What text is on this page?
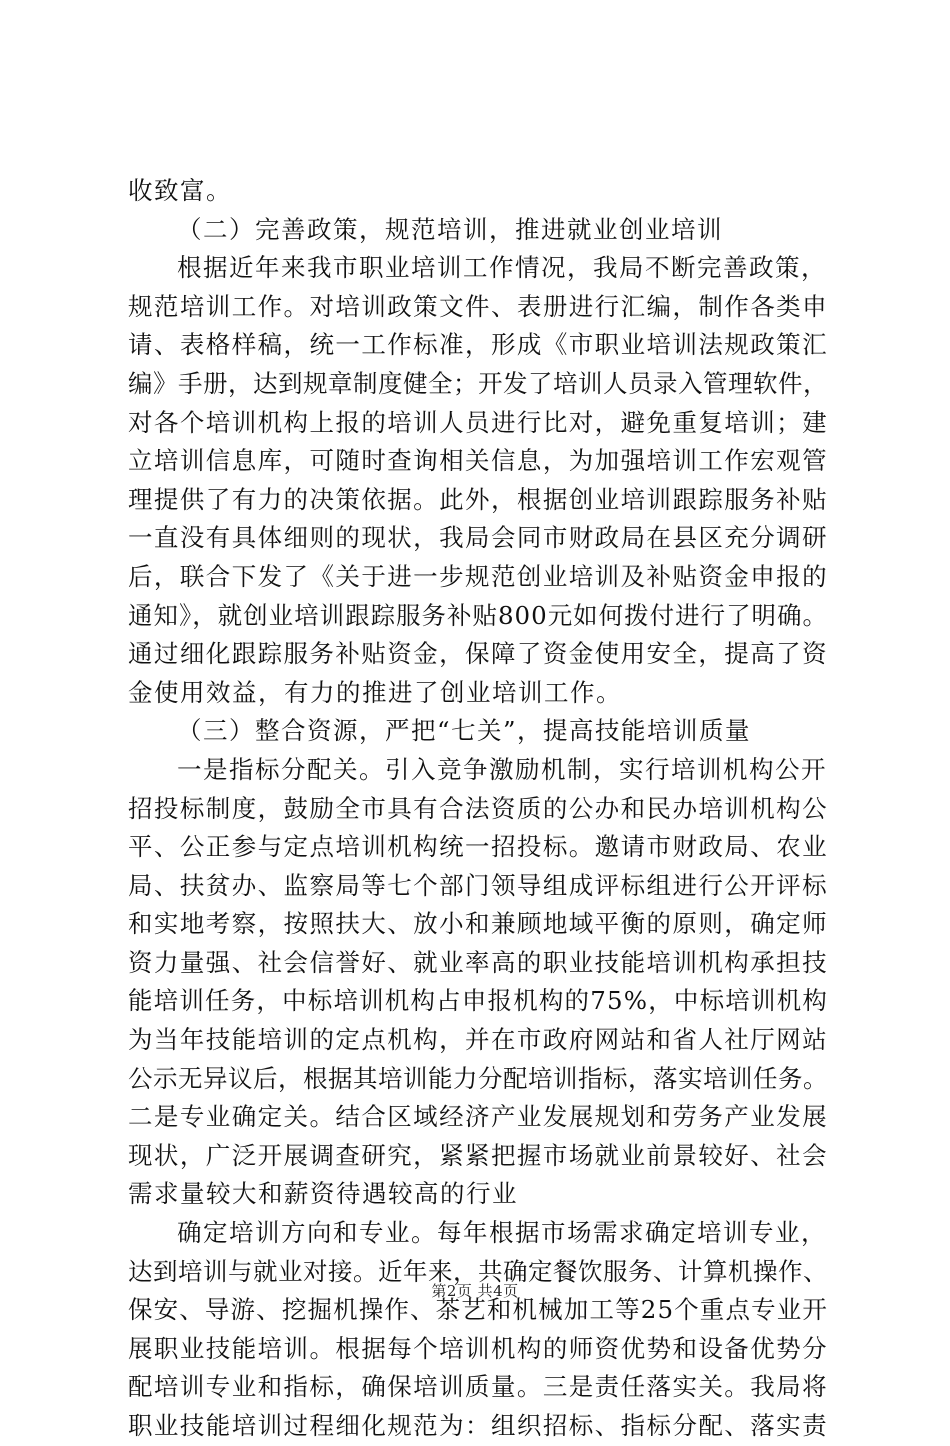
收致富。
（二）完善政策，规范培训，推进就业创业培训
根据近年来我市职业培训工作情况，我局不断完善政策，
规范培训工作。对培训政策文件、表册进行汇编，制作各类申
请、表格样稿，统一工作标准，形成《市职业培训法规政策汇
编》手册，达到规章制度健全；开发了培训人员录入管理软件，
对各个培训机构上报的培训人员进行比对，避免重复培训；建
立培训信息库，可随时查询相关信息，为加强培训工作宏观管
理提供了有力的决策依据。此外，根据创业培训跟踪服务补贴
一直没有具体细则的现状，我局会同市财政局在县区充分调研
后，联合下发了《关于进一步规范创业培训及补贴资金申报的
通知》，就创业培训跟踪服务补贴800元如何拨付进行了明确。
通过细化跟踪服务补贴资金，保障了资金使用安全，提高了资
金使用效益，有力的推进了创业培训工作。
（三）整合资源，严把“七关”，提高技能培训质量
一是指标分配关。引入竞争激励机制，实行培训机构公开
招投标制度，鼓励全市具有合法资质的公办和民办培训机构公
平、公正参与定点培训机构统一招投标。邀请市财政局、农业
局、扶贫办、监察局等七个部门领导组成评标组进行公开评标
和实地考察，按照扶大、放小和兼顾地域平衡的原则，确定师
资力量强、社会信誉好、就业率高的职业技能培训机构承担技
能培训任务，中标培训机构占申报机构的75%，中标培训机构
为当年技能培训的定点机构，并在市政府网站和省人社厅网站
公示无异议后，根据其培训能力分配培训指标，落实培训任务。
二是专业确定关。结合区域经济产业发展规划和劳务产业发展
现状，广泛开展调查研究，紧紧把握市场就业前景较好、社会
需求量较大和薪资待遇较高的行业
确定培训方向和专业。每年根据市场需求确定培训专业，
达到培训与就业对接。近年来，共确定餐饮服务、计算机操作、
保安、导游、挖掘机操作、茶艺和机械加工等25个重点专业开
展职业技能培训。根据每个培训机构的师资优势和设备优势分
配培训专业和指标，确保培训质量。三是责任落实关。我局将
职业技能培训过程细化规范为：组织招标、指标分配、落实责
第2页 共4页
